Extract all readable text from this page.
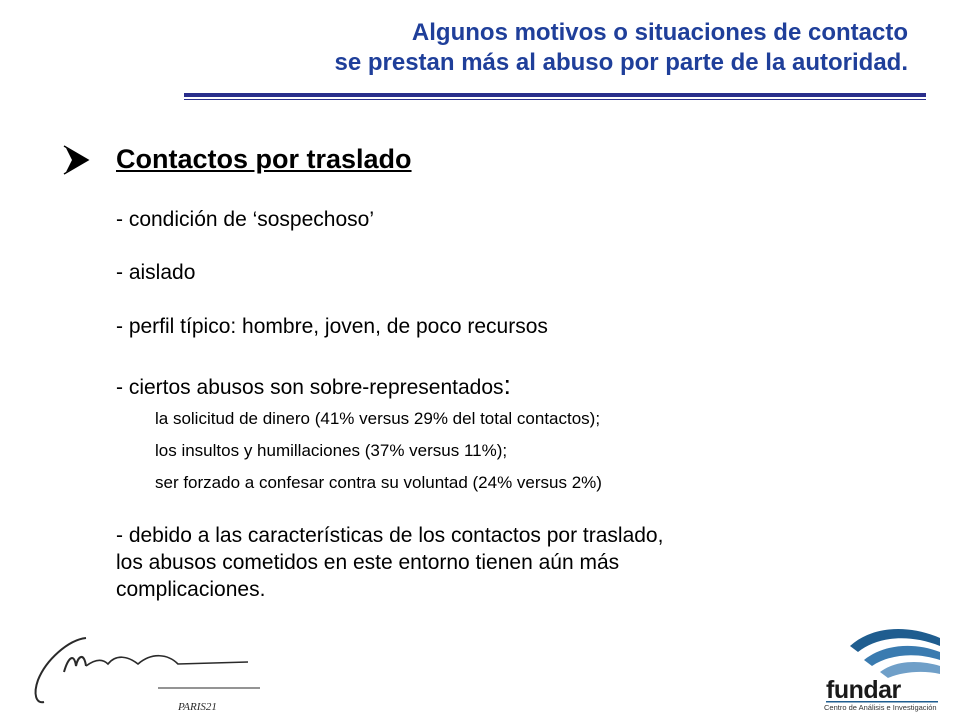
Algunos motivos o situaciones de contacto
se prestan más al abuso por parte de la autoridad.
Contactos por traslado
- condición de ‘sospechoso’
- aislado
- perfil típico: hombre, joven, de poco recursos
- ciertos abusos son sobre-representados:
la solicitud de dinero (41% versus 29% del total contactos);
los insultos y humillaciones (37% versus 11%);
ser forzado a confesar contra su voluntad (24% versus 2%)
- debido a las características de los contactos por traslado,
los abusos cometidos en este entorno tienen aún más
complicaciones.
PARIS21
fundar
Centro de Análisis e Investigación
